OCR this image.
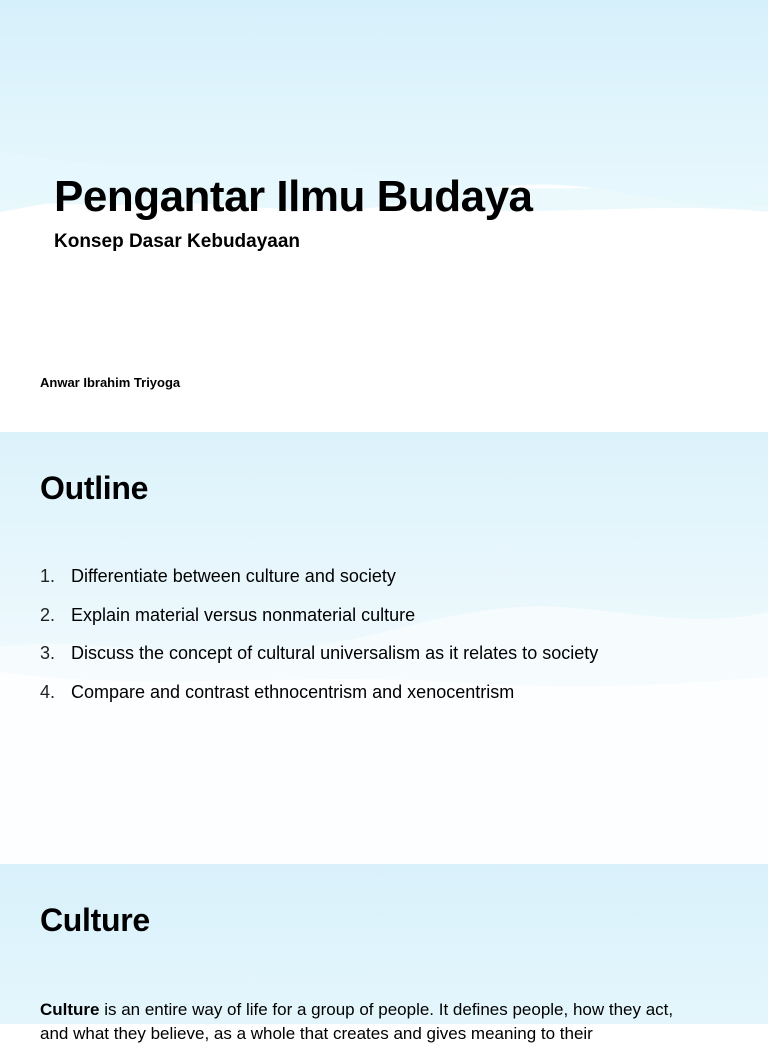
Pengantar Ilmu Budaya
Konsep Dasar Kebudayaan
Anwar Ibrahim Triyoga
Outline
1. Differentiate between culture and society
2. Explain material versus nonmaterial culture
3. Discuss the concept of cultural universalism as it relates to society
4. Compare and contrast ethnocentrism and xenocentrism
Culture

Culture is an entire way of life for a group of people. It defines people, how they act,
and what they believe, as a whole that creates and gives meaning to their
